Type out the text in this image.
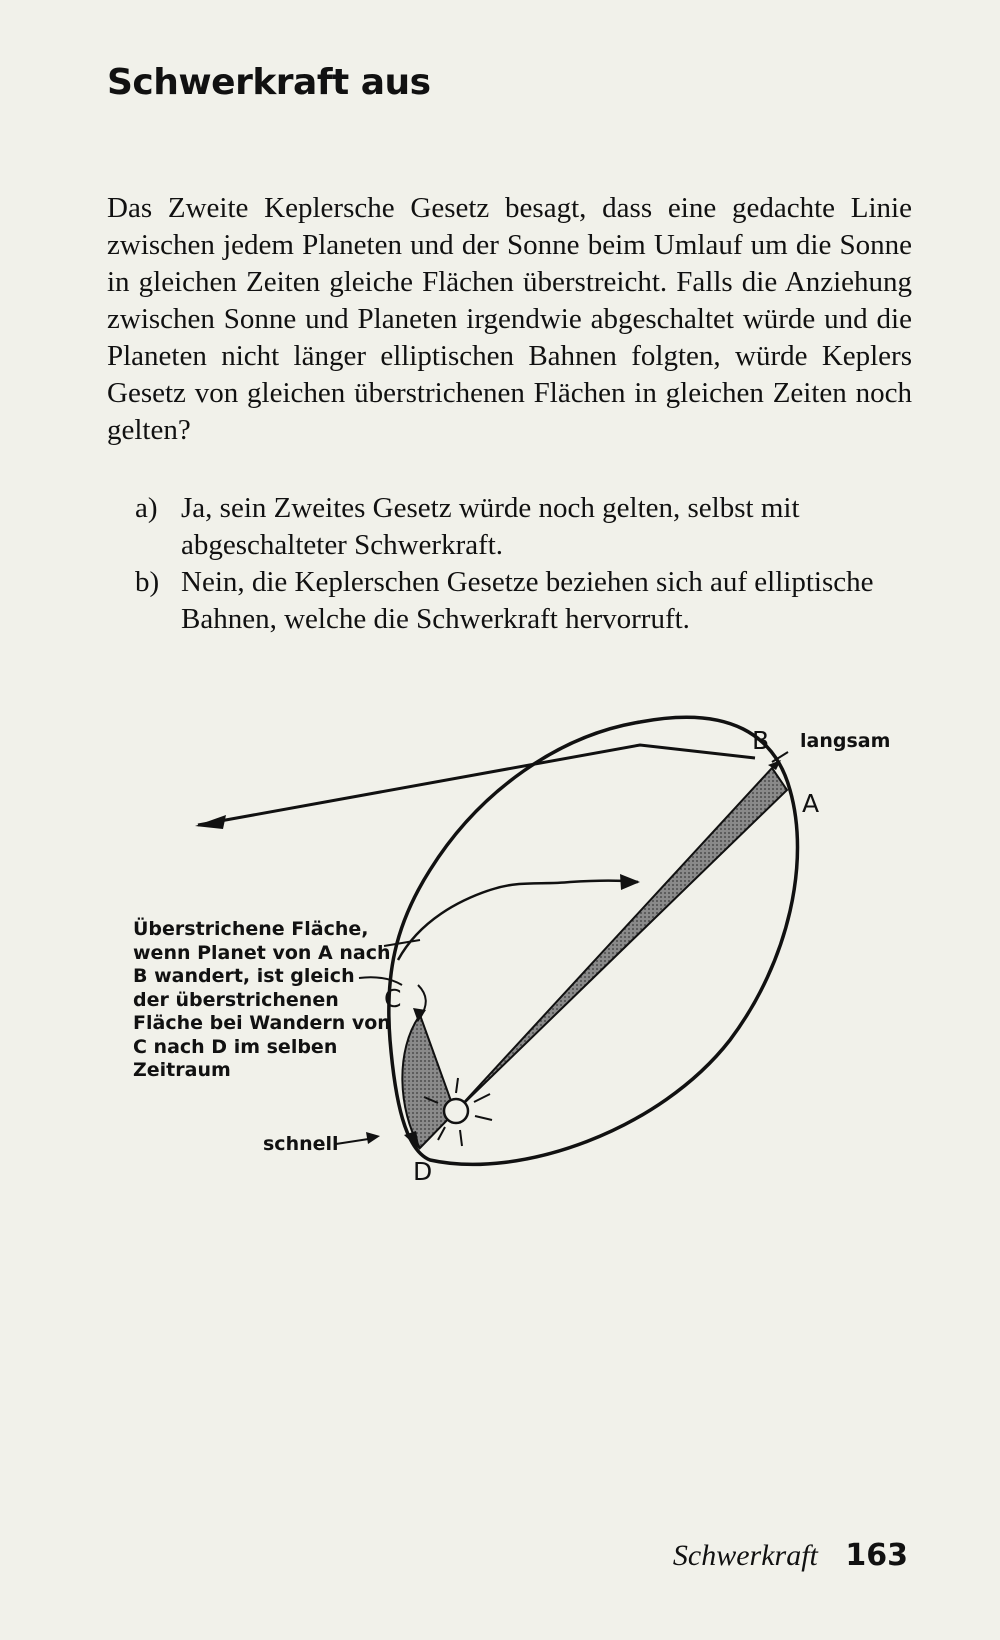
Schwerkraft aus

Das Zweite Keplersche Gesetz besagt, dass eine gedachte Linie zwischen jedem Planeten und der Sonne beim Umlauf um die Sonne in gleichen Zeiten gleiche Flächen überstreicht. Falls die Anziehung zwischen Sonne und Planeten irgendwie abgeschaltet würde und die Planeten nicht länger elliptischen Bahnen folgten, würde Keplers Gesetz von gleichen überstrichenen Flächen in gleichen Zeiten noch gelten?

a) Ja, sein Zweites Gesetz würde noch gelten, selbst mit abgeschalteter Schwerkraft.
b) Nein, die Keplerschen Gesetze beziehen sich auf elliptische Bahnen, welche die Schwerkraft hervorruft.
B
A
C
D
langsam
schnell
Überstrichene Fläche, wenn Planet von A nach B wandert, ist gleich der überstrichenen Fläche bei Wandern von C nach D im selben Zeitraum
Schwerkraft 163
